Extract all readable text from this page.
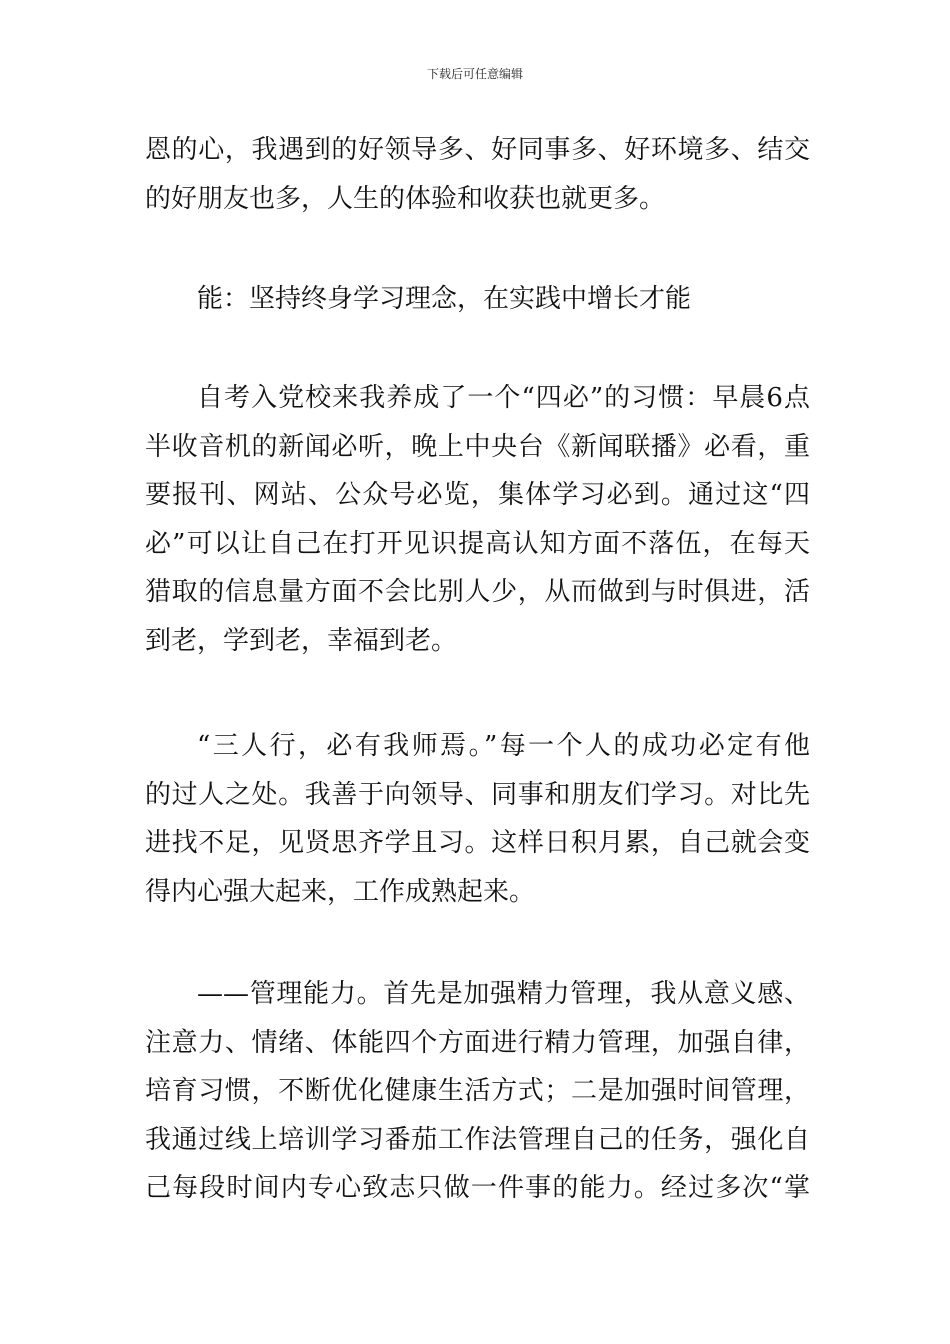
下载后可任意编辑
恩的心，我遇到的好领导多、好同事多、好环境多、结交
的好朋友也多，人生的体验和收获也就更多。
能：坚持终身学习理念，在实践中增长才能
自考入党校来我养成了一个“四必”的习惯：早晨6点
半收音机的新闻必听，晚上中央台《新闻联播》必看，重
要报刊、网站、公众号必览，集体学习必到。通过这“四
必”可以让自己在打开见识提高认知方面不落伍，在每天
猎取的信息量方面不会比别人少，从而做到与时俱进，活
到老，学到老，幸福到老。
“三人行，必有我师焉。”每一个人的成功必定有他
的过人之处。我善于向领导、同事和朋友们学习。对比先
进找不足，见贤思齐学且习。这样日积月累，自己就会变
得内心强大起来，工作成熟起来。
——管理能力。首先是加强精力管理，我从意义感、
注意力、情绪、体能四个方面进行精力管理，加强自律，
培育习惯，不断优化健康生活方式；二是加强时间管理，
我通过线上培训学习番茄工作法管理自己的任务，强化自
己每段时间内专心致志只做一件事的能力。经过多次“掌
